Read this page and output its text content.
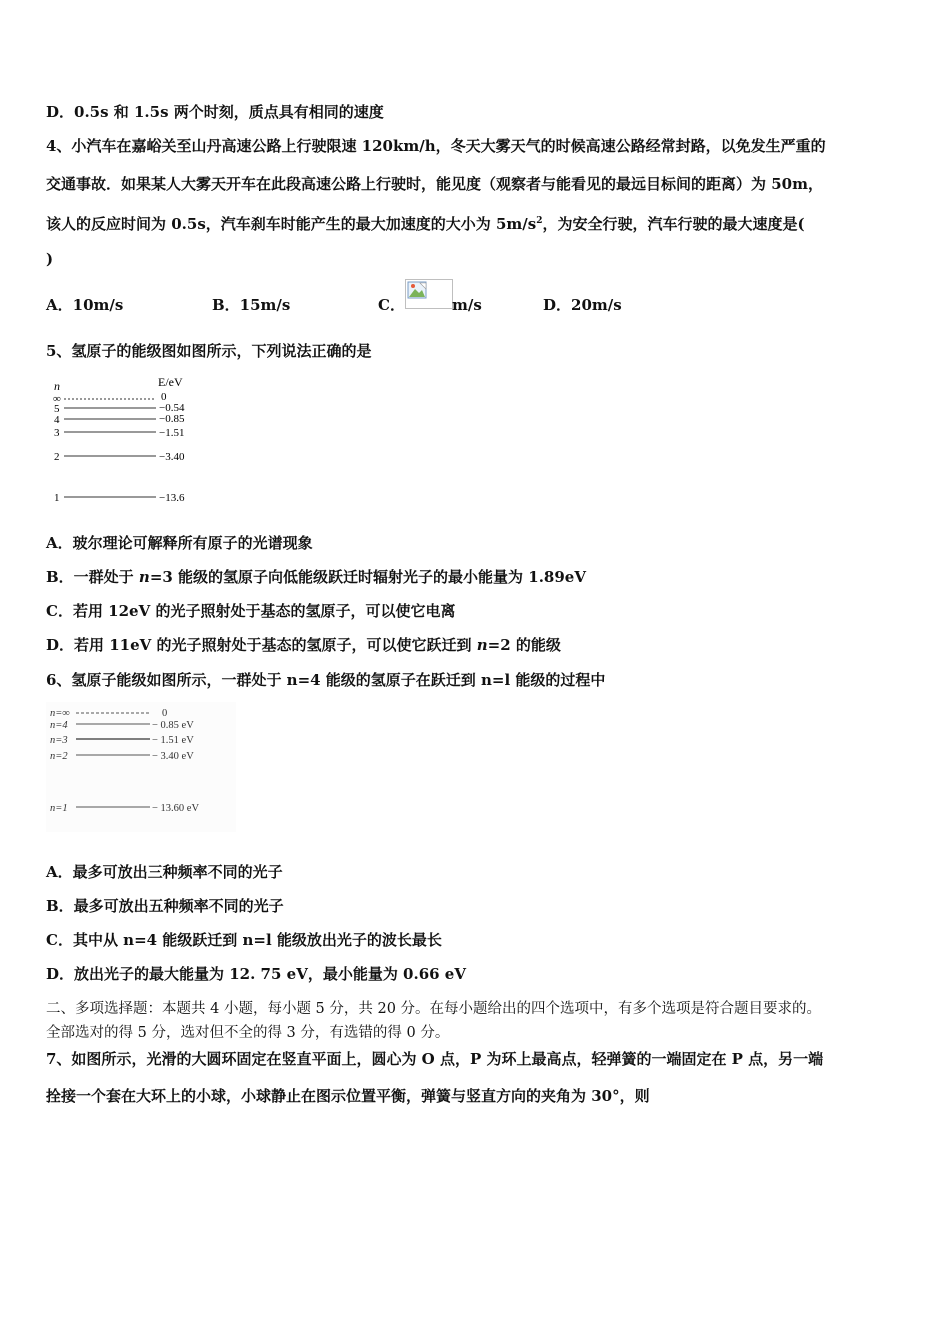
D．0.5s 和 1.5s 两个时刻，质点具有相同的速度
4、小汽车在嘉峪关至山丹高速公路上行驶限速 120km/h，冬天大雾天气的时候高速公路经常封路，以免发生严重的
交通事故．如果某人大雾天开车在此段高速公路上行驶时，能见度（观察者与能看见的最远目标间的距离）为 50m，
该人的反应时间为 0.5s，汽车刹车时能产生的最大加速度的大小为 $5m/s^2$，为安全行驶，汽车行驶的最大速度是(
)
A．10m/s	B．15m/s	C．	m/s	D．20m/s
5、氢原子的能级图如图所示，下列说法正确的是
n	E/eV
∞
5
4
3
2
1
0
−0.54
−0.85
−1.51
−3.40
−13.6
A．玻尔理论可解释所有原子的光谱现象
B．一群处于 n=3 能级的氢原子向低能级跃迁时辐射光子的最小能量为 1.89eV
C．若用 12eV 的光子照射处于基态的氢原子，可以使它电离
D．若用 11eV 的光子照射处于基态的氢原子，可以使它跃迁到 n=2 的能级
6、氢原子能级如图所示，一群处于 n=4 能级的氢原子在跃迁到 n=l 能级的过程中
n=∞
n=4
n=3
n=2
n=1
0
− 0.85 eV
− 1.51 eV
− 3.40 eV
− 13.60 eV
A．最多可放出三种频率不同的光子
B．最多可放出五种频率不同的光子
C．其中从 n=4 能级跃迁到 n=l 能级放出光子的波长最长
D．放出光子的最大能量为 12. 75 eV，最小能量为 0.66 eV
二、多项选择题：本题共 4 小题，每小题 5 分，共 20 分。在每小题给出的四个选项中，有多个选项是符合题目要求的。
全部选对的得 5 分，选对但不全的得 3 分，有选错的得 0 分。
7、如图所示，光滑的大圆环固定在竖直平面上，圆心为 O 点，P 为环上最高点，轻弹簧的一端固定在 P 点，另一端
拴接一个套在大环上的小球，小球静止在图示位置平衡，弹簧与竖直方向的夹角为 30°，则
